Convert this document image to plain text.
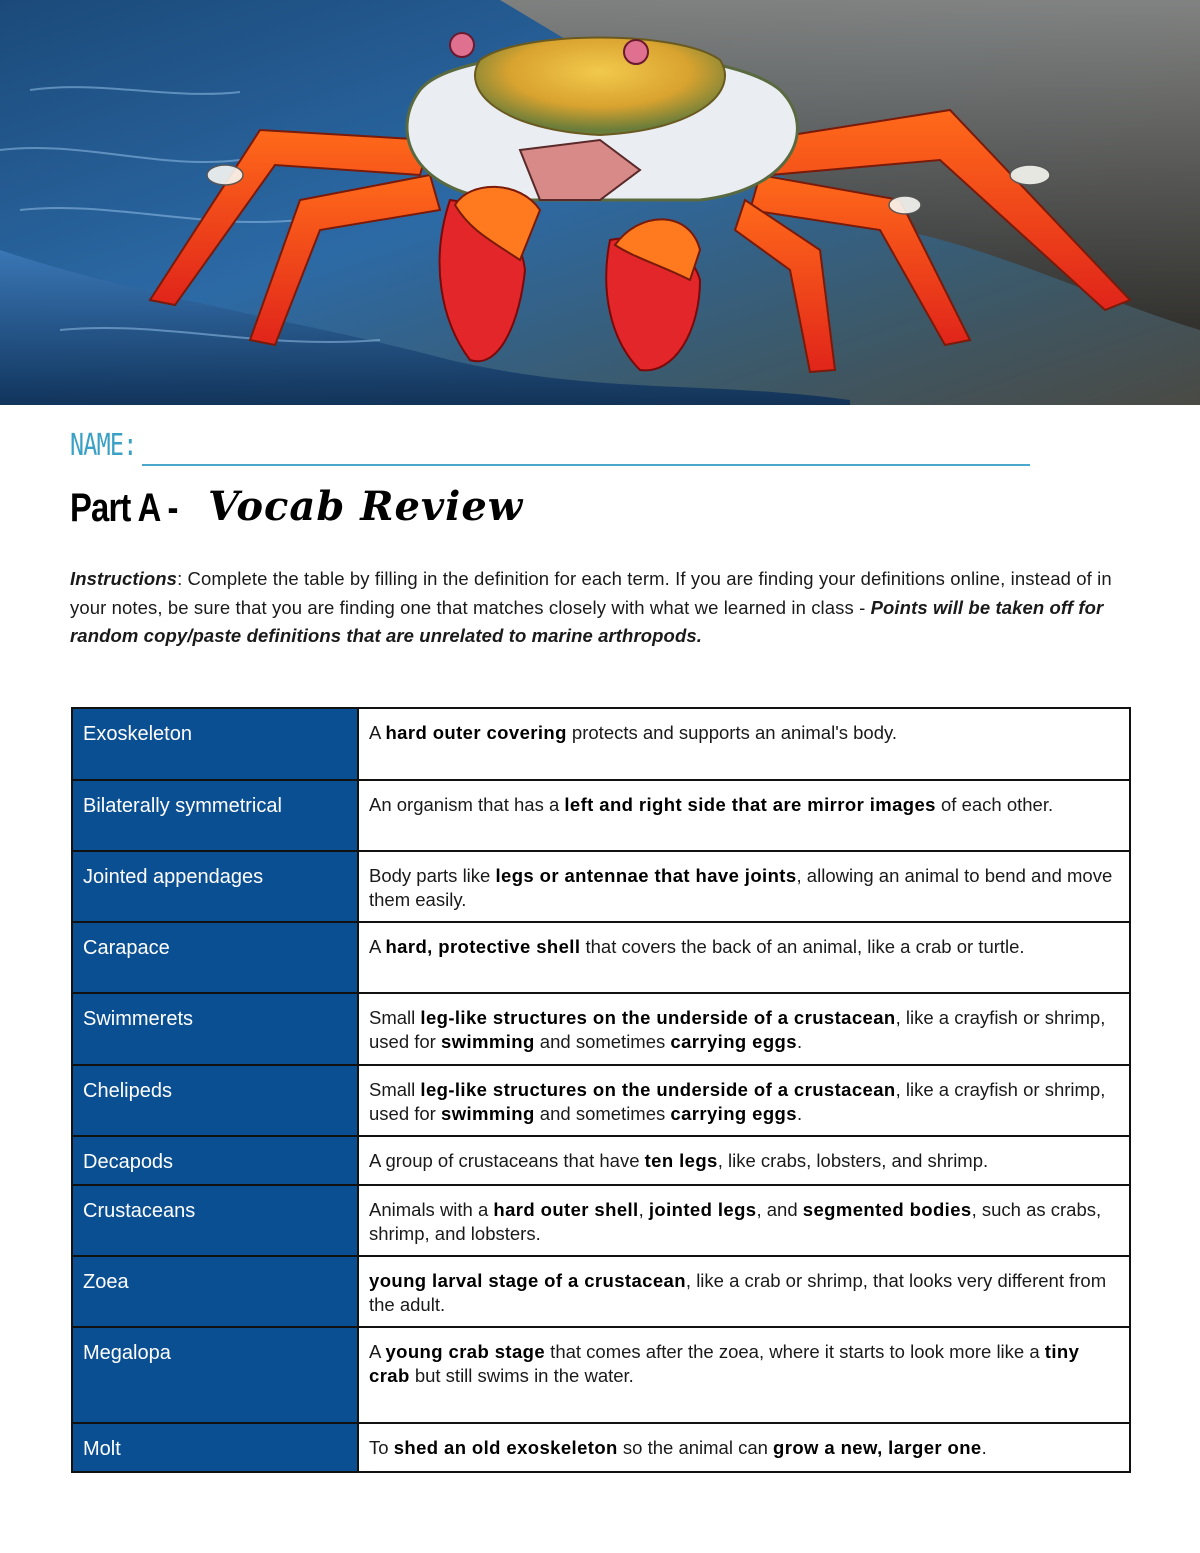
NAME:
Part A - Vocab Review
Instructions: Complete the table by filling in the definition for each term. If you are finding your definitions online, instead of in your notes, be sure that you are finding one that matches closely with what we learned in class - Points will be taken off for random copy/paste definitions that are unrelated to marine arthropods.
Exoskeleton	A hard outer covering protects and supports an animal's body.
Bilaterally symmetrical	An organism that has a left and right side that are mirror images of each other.
Jointed appendages	Body parts like legs or antennae that have joints, allowing an animal to bend and move them easily.
Carapace	A hard, protective shell that covers the back of an animal, like a crab or turtle.
Swimmerets	Small leg-like structures on the underside of a crustacean, like a crayfish or shrimp, used for swimming and sometimes carrying eggs.
Chelipeds	Small leg-like structures on the underside of a crustacean, like a crayfish or shrimp, used for swimming and sometimes carrying eggs.
Decapods	A group of crustaceans that have ten legs, like crabs, lobsters, and shrimp.
Crustaceans	Animals with a hard outer shell, jointed legs, and segmented bodies, such as crabs, shrimp, and lobsters.
Zoea	young larval stage of a crustacean, like a crab or shrimp, that looks very different from the adult.
Megalopa	A young crab stage that comes after the zoea, where it starts to look more like a tiny crab but still swims in the water.
Molt	To shed an old exoskeleton so the animal can grow a new, larger one.
